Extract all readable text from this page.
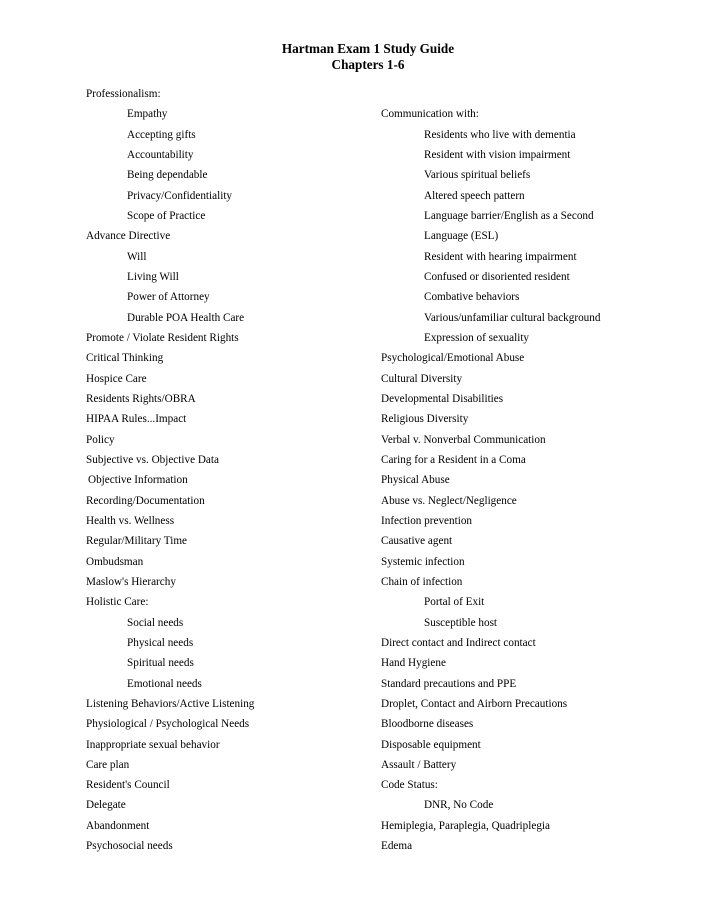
Hartman Exam 1 Study Guide
Chapters 1-6
Professionalism:
Empathy
Accepting gifts
Accountability
Being dependable
Privacy/Confidentiality
Scope of Practice
Advance Directive
Will
Living Will
Power of Attorney
Durable POA Health Care
Promote / Violate Resident Rights
Critical Thinking
Hospice Care
Residents Rights/OBRA
HIPAA Rules...Impact
Policy
Subjective vs. Objective Data
Objective Information
Recording/Documentation
Health vs. Wellness
Regular/Military Time
Ombudsman
Maslow's Hierarchy
Holistic Care:
Social needs
Physical needs
Spiritual needs
Emotional needs
Listening Behaviors/Active Listening
Physiological / Psychological Needs
Inappropriate sexual behavior
Care plan
Resident's Council
Delegate
Abandonment
Psychosocial needs
Communication with:
Residents who live with dementia
Resident with vision impairment
Various spiritual beliefs
Altered speech pattern
Language barrier/English as a Second
Language (ESL)
Resident with hearing impairment
Confused or disoriented resident
Combative behaviors
Various/unfamiliar cultural background
Expression of sexuality
Psychological/Emotional Abuse
Cultural Diversity
Developmental Disabilities
Religious Diversity
Verbal v. Nonverbal Communication
Caring for a Resident in a Coma
Physical Abuse
Abuse vs. Neglect/Negligence
Infection prevention
Causative agent
Systemic infection
Chain of infection
Portal of Exit
Susceptible host
Direct contact and Indirect contact
Hand Hygiene
Standard precautions and PPE
Droplet, Contact and Airborn Precautions
Bloodborne diseases
Disposable equipment
Assault / Battery
Code Status:
DNR, No Code
Hemiplegia, Paraplegia, Quadriplegia
Edema
